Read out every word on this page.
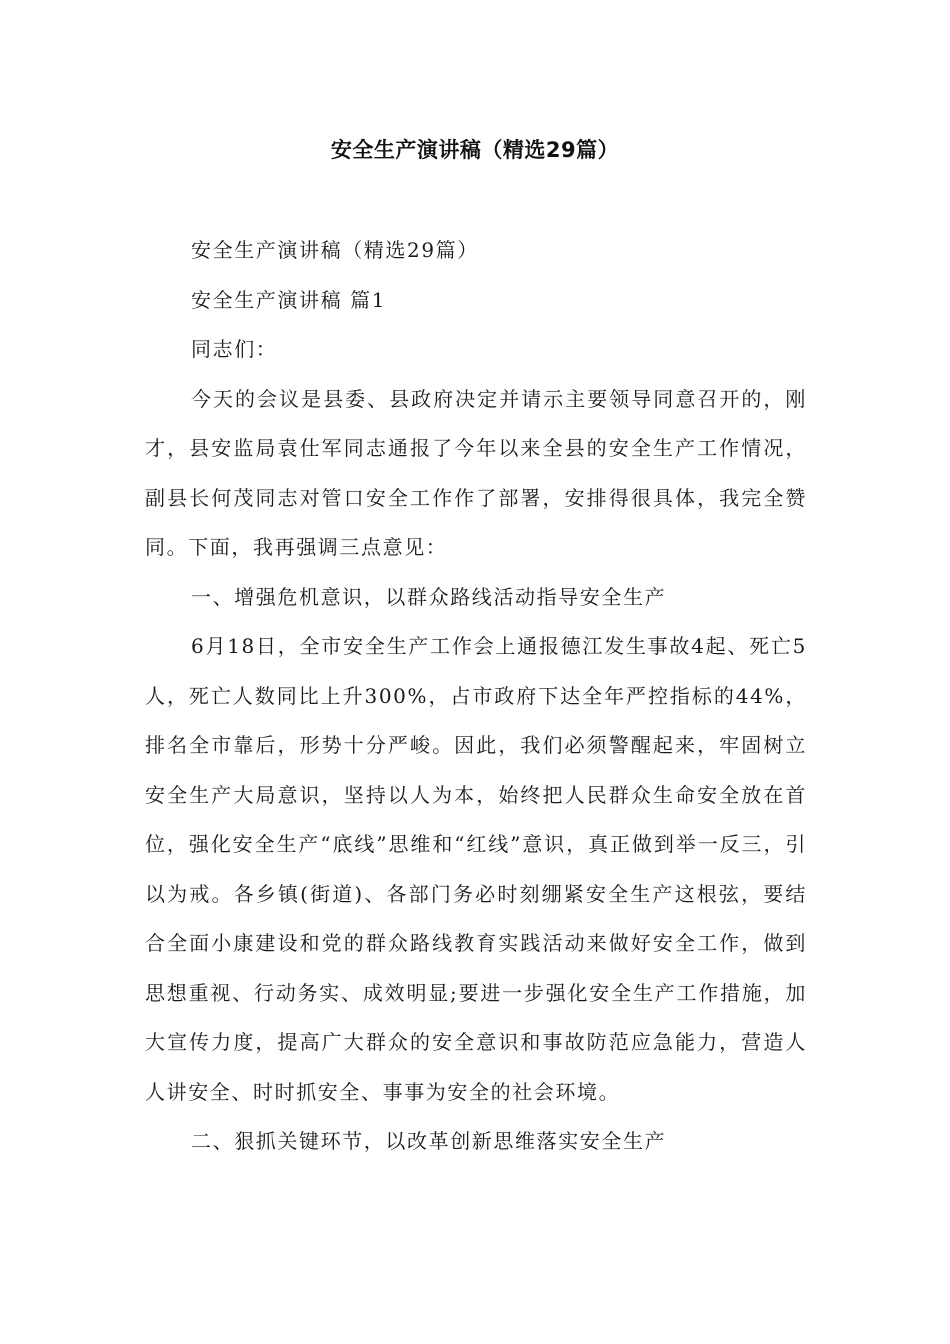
安全生产演讲稿（精选29篇）

安全生产演讲稿（精选29篇）

安全生产演讲稿 篇1

同志们：

今天的会议是县委、县政府决定并请示主要领导同意召开的，刚才，县安监局袁仕军同志通报了今年以来全县的安全生产工作情况，副县长何茂同志对管口安全工作作了部署，安排得很具体，我完全赞同。下面，我再强调三点意见：

一、增强危机意识，以群众路线活动指导安全生产

6月18日，全市安全生产工作会上通报德江发生事故4起、死亡5人，死亡人数同比上升300%，占市政府下达全年严控指标的44%，排名全市靠后，形势十分严峻。因此，我们必须警醒起来，牢固树立安全生产大局意识，坚持以人为本，始终把人民群众生命安全放在首位，强化安全生产“底线”思维和“红线”意识，真正做到举一反三，引以为戒。各乡镇(街道)、各部门务必时刻绷紧安全生产这根弦，要结合全面小康建设和党的群众路线教育实践活动来做好安全工作，做到思想重视、行动务实、成效明显;要进一步强化安全生产工作措施，加大宣传力度，提高广大群众的安全意识和事故防范应急能力，营造人人讲安全、时时抓安全、事事为安全的社会环境。

二、狠抓关键环节，以改革创新思维落实安全生产
